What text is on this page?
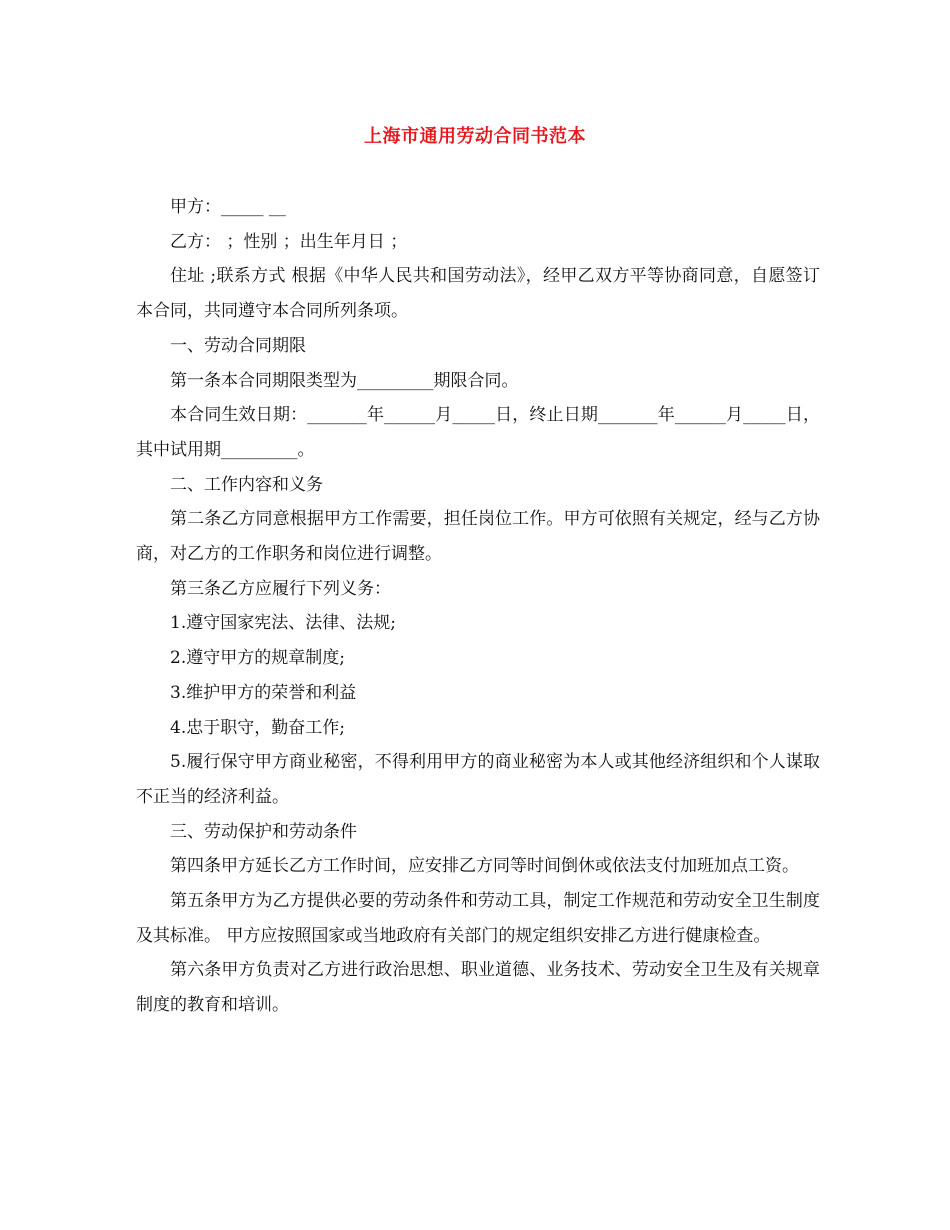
上海市通用劳动合同书范本

甲方：_____ __

乙方： ；性别 ；出生年月日 ；

住址 ;联系方式 根据《中华人民共和国劳动法》，经甲乙双方平等协商同意，自愿签订本合同，共同遵守本合同所列条项。

一、劳动合同期限

第一条本合同期限类型为_________期限合同。

本合同生效日期：_______年______月_____日，终止日期_______年______月_____日，其中试用期_________。

二、工作内容和义务

第二条乙方同意根据甲方工作需要，担任岗位工作。甲方可依照有关规定，经与乙方协商，对乙方的工作职务和岗位进行调整。

第三条乙方应履行下列义务：

1.遵守国家宪法、法律、法规;

2.遵守甲方的规章制度;

3.维护甲方的荣誉和利益

4.忠于职守，勤奋工作;

5.履行保守甲方商业秘密，不得利用甲方的商业秘密为本人或其他经济组织和个人谋取不正当的经济利益。

三、劳动保护和劳动条件

第四条甲方延长乙方工作时间，应安排乙方同等时间倒休或依法支付加班加点工资。

第五条甲方为乙方提供必要的劳动条件和劳动工具，制定工作规范和劳动安全卫生制度及其标准。 甲方应按照国家或当地政府有关部门的规定组织安排乙方进行健康检查。

第六条甲方负责对乙方进行政治思想、职业道德、业务技术、劳动安全卫生及有关规章制度的教育和培训。
